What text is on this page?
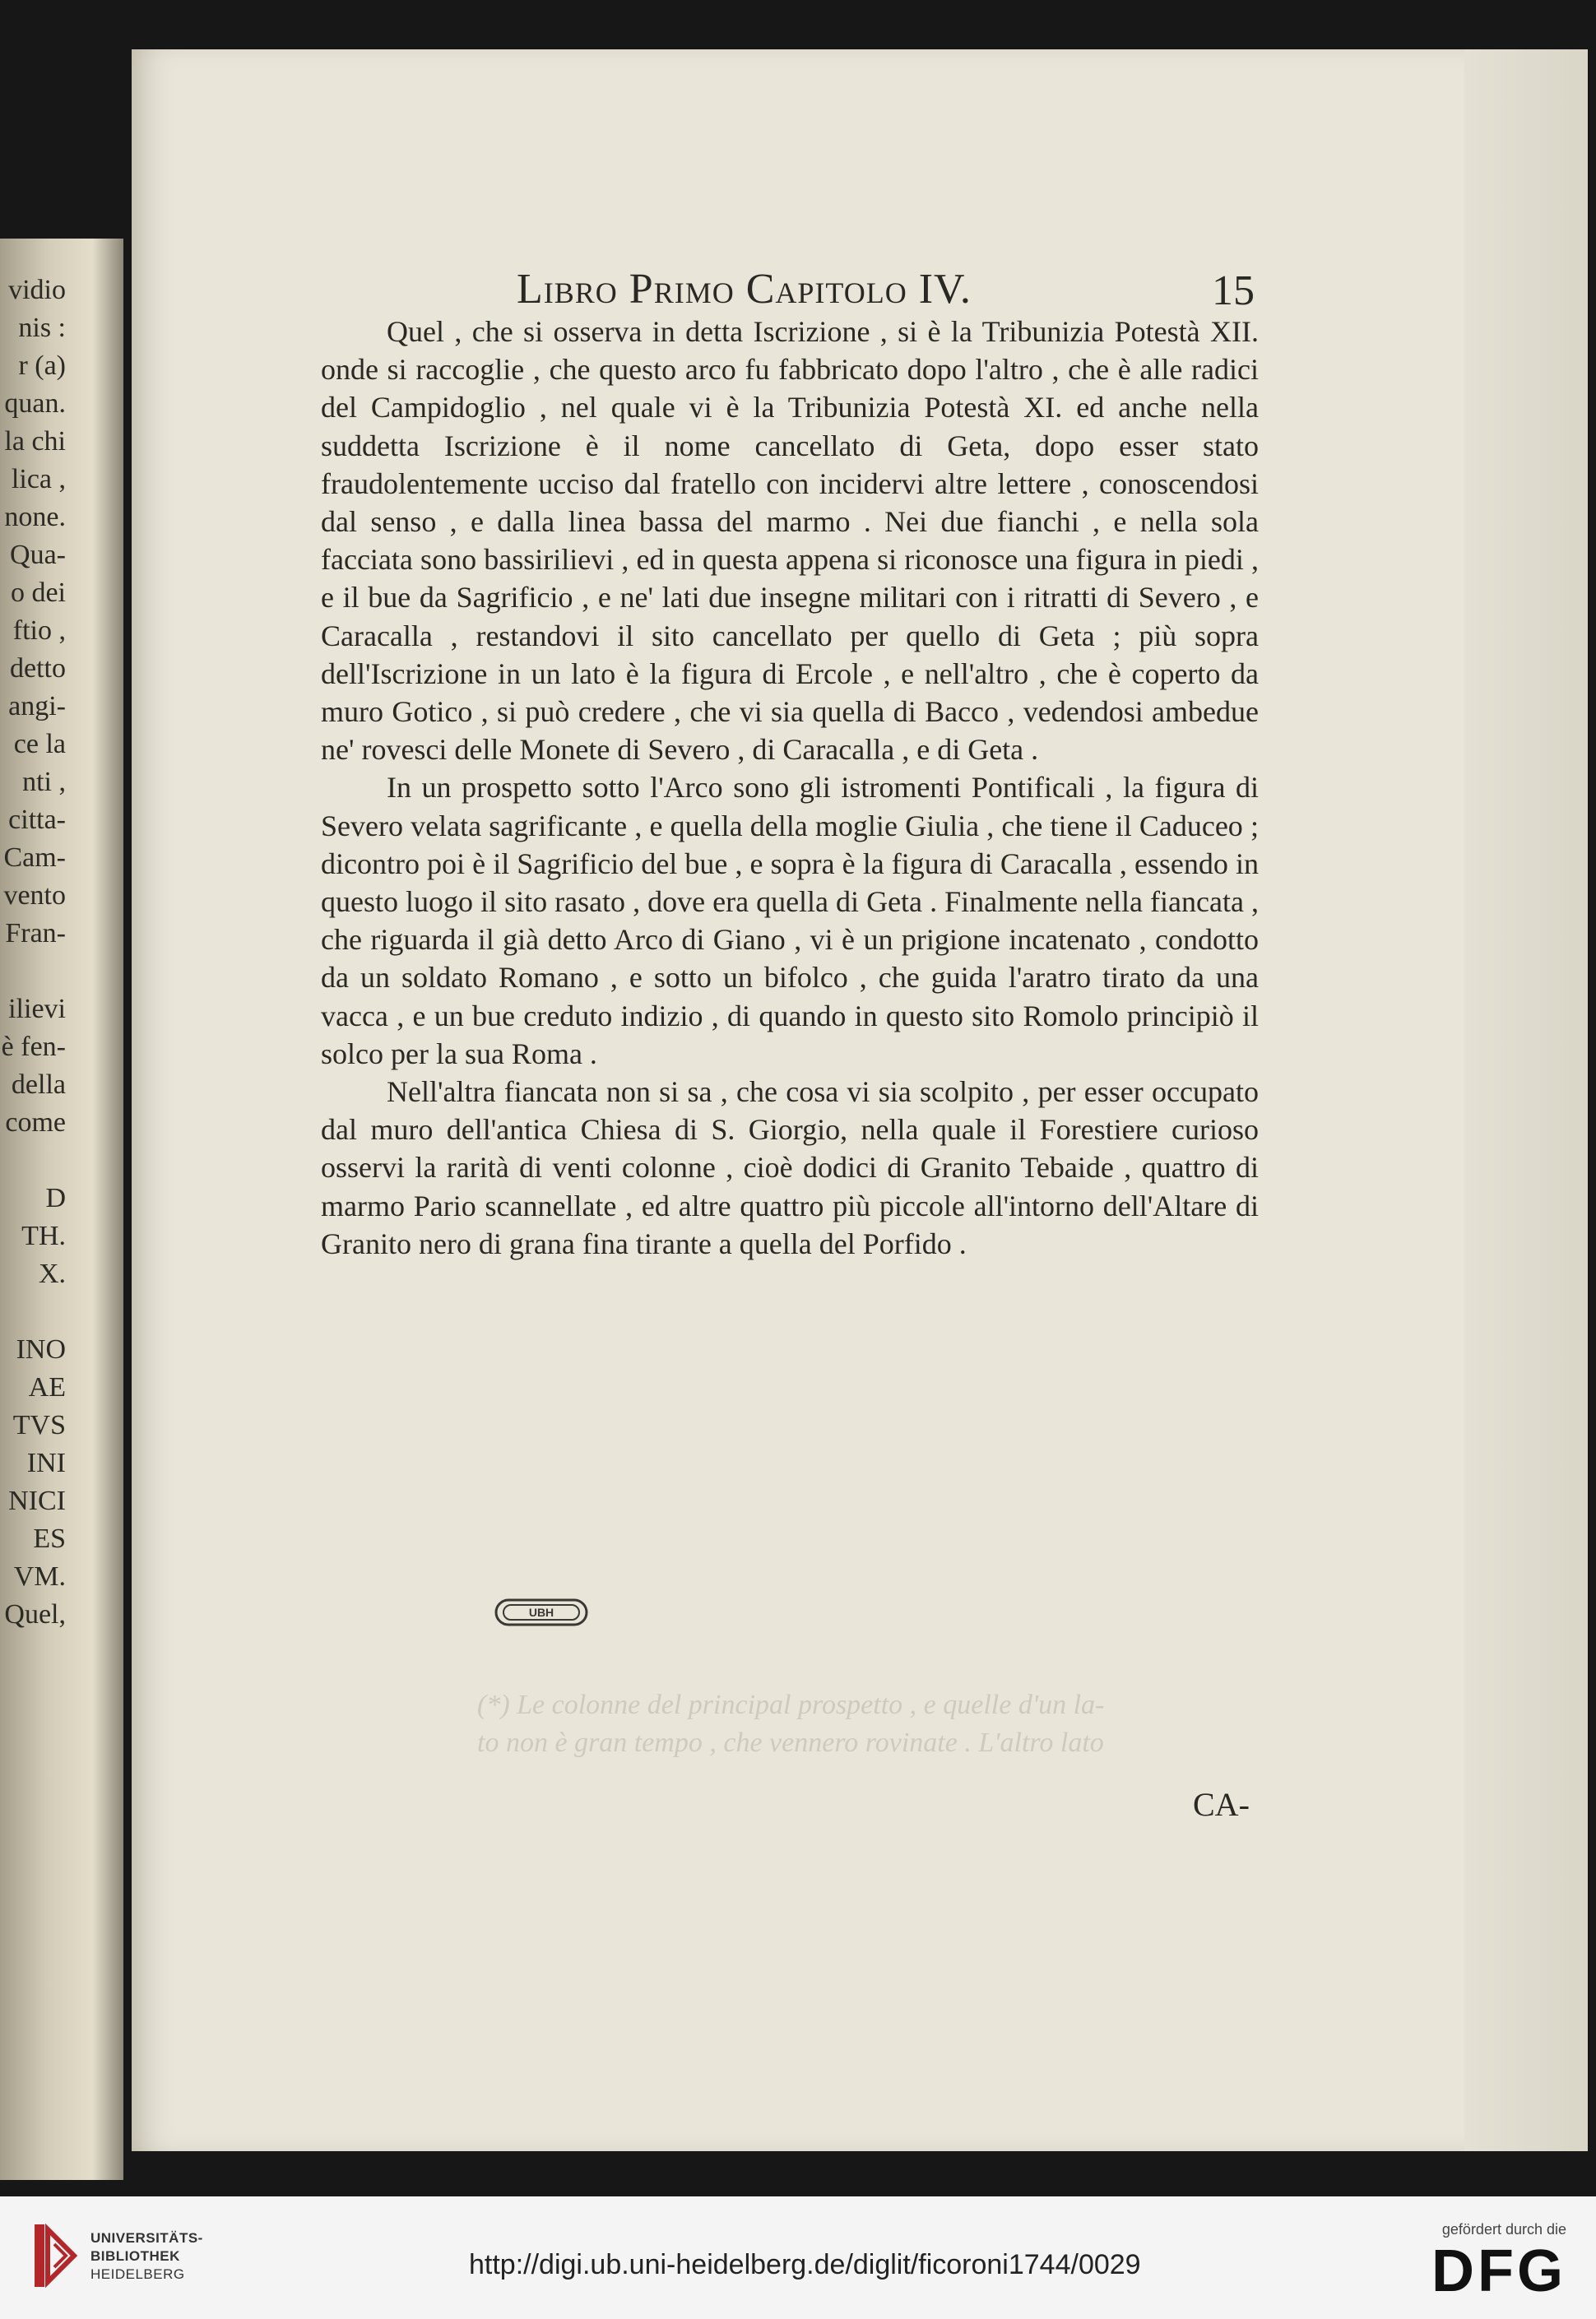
vidio
nis :
r (a)
quan.
la chi
lica ,
none.
Qua-
o dei
ftio ,
detto
angi-
ce la
nti ,
citta-
Cam-
vento
Fran-

ilievi
è fen-
della
come

D
TH.
X.

INO
AE
TVS
INI
NICI
ES
VM.
Quel,
Libro Primo Capitolo IV.	15

Quel , che si osserva in detta Iscrizione , si è la Tribunizia Potestà XII. onde si raccoglie , che questo arco fu fabbricato dopo l'altro , che è alle radici del Campidoglio , nel quale vi è la Tribunizia Potestà XI. ed anche nella suddetta Iscrizione è il nome cancellato di Geta, dopo esser stato fraudolentemente ucciso dal fratello con incidervi altre lettere , conoscendosi dal senso , e dalla linea bassa del marmo . Nei due fianchi , e nella sola facciata sono bassirilievi , ed in questa appena si riconosce una figura in piedi , e il bue da Sagrificio , e ne' lati due insegne militari con i ritratti di Severo , e Caracalla , restandovi il sito cancellato per quello di Geta ; più sopra dell'Iscrizione in un lato è la figura di Ercole , e nell'altro , che è coperto da muro Gotico , si può credere , che vi sia quella di Bacco , vedendosi ambedue ne' rovesci delle Monete di Severo , di Caracalla , e di Geta .

In un prospetto sotto l'Arco sono gli istromenti Pontificali , la figura di Severo velata sagrificante , e quella della moglie Giulia , che tiene il Caduceo ; dicontro poi è il Sagrificio del bue , e sopra è la figura di Caracalla , essendo in questo luogo il sito rasato , dove era quella di Geta . Finalmente nella fiancata , che riguarda il già detto Arco di Giano , vi è un prigione incatenato , condotto da un soldato Romano , e sotto un bifolco , che guida l'aratro tirato da una vacca , e un bue creduto indizio , di quando in questo sito Romolo principiò il solco per la sua Roma .

Nell'altra fiancata non si sa , che cosa vi sia scolpito , per esser occupato dal muro dell'antica Chiesa di S. Giorgio, nella quale il Forestiere curioso osservi la rarità di venti colonne , cioè dodici di Granito Tebaide , quattro di marmo Pario scannellate , ed altre quattro più piccole all'intorno dell'Altare di Granito nero di grana fina tirante a quella del Porfido .

UBH
(*) Le colonne del principal prospetto , e quelle d'un la-
to non è gran tempo , che vennero rovinate . L'altro lato
CA-
UNIVERSITÄTS-
BIBLIOTHEK
HEIDELBERG	http://digi.ub.uni-heidelberg.de/diglit/ficoroni1744/0029
gefördert durch die
DFG
